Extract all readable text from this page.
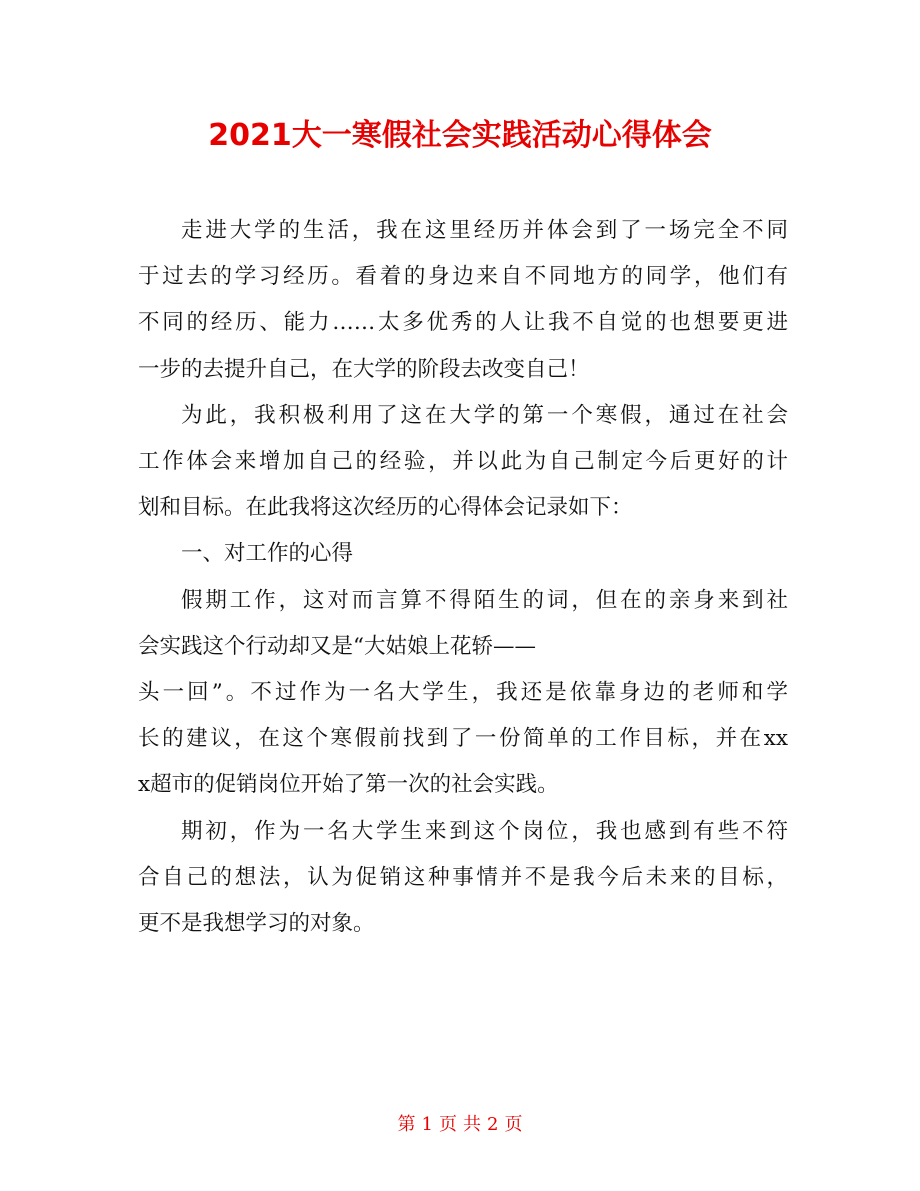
2021大一寒假社会实践活动心得体会
走进大学的生活，我在这里经历并体会到了一场完全不同
于过去的学习经历。看着的身边来自不同地方的同学，他们有
不同的经历、能力……太多优秀的人让我不自觉的也想要更进
一步的去提升自己，在大学的阶段去改变自己！
为此，我积极利用了这在大学的第一个寒假，通过在社会
工作体会来增加自己的经验，并以此为自己制定今后更好的计
划和目标。在此我将这次经历的心得体会记录如下：
一、对工作的心得
假期工作，这对而言算不得陌生的词，但在的亲身来到社
会实践这个行动却又是“大姑娘上花轿——
头一回”。不过作为一名大学生，我还是依靠身边的老师和学
长的建议，在这个寒假前找到了一份简单的工作目标，并在xx
x超市的促销岗位开始了第一次的社会实践。
期初，作为一名大学生来到这个岗位，我也感到有些不符
合自己的想法，认为促销这种事情并不是我今后未来的目标，
更不是我想学习的对象。
第 1 页 共 2 页
